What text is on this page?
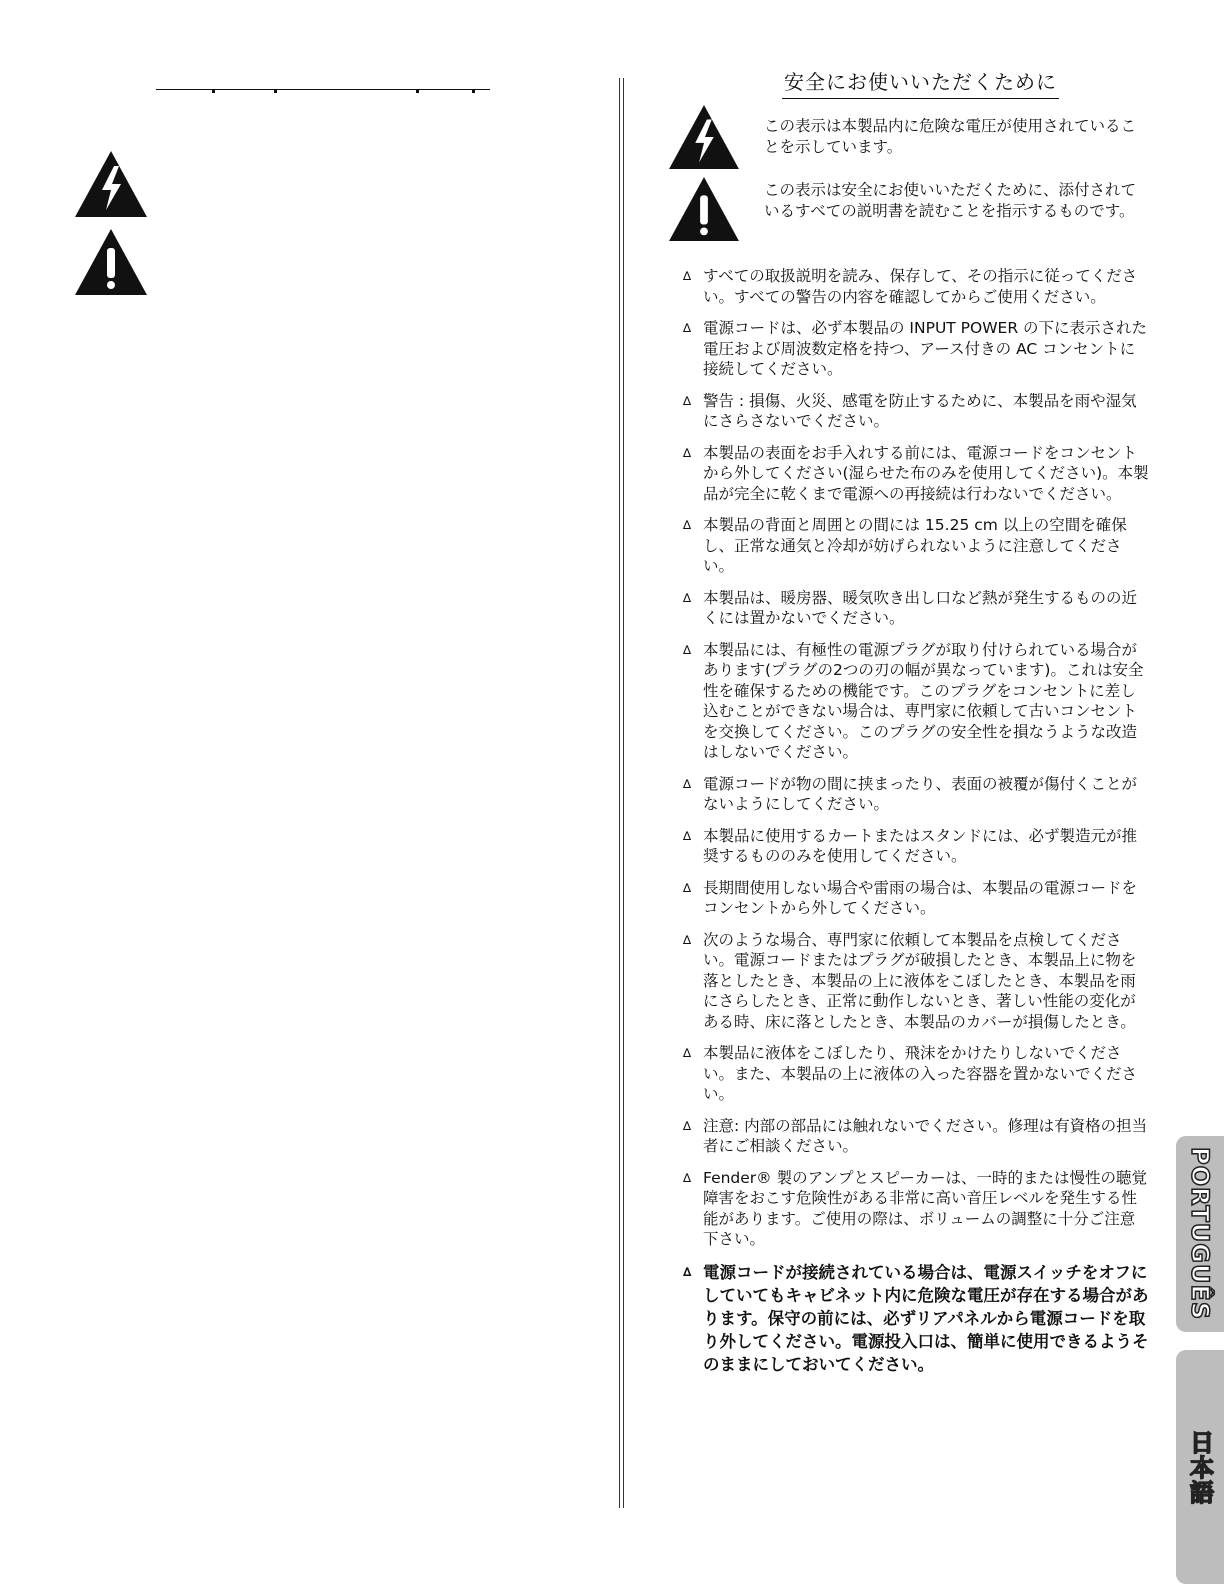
安全にお使いいただくために
この表示は本製品内に危険な電圧が使用されていることを示しています。
この表示は安全にお使いいただくために、添付されているすべての説明書を読むことを指示するものです。
∆ すべての取扱説明を読み、保存して、その指示に従ってください。すべての警告の内容を確認してからご使用ください。
∆ 電源コードは、必ず本製品の INPUT POWER の下に表示された電圧および周波数定格を持つ、アース付きの AC コンセントに接続してください。
∆ 警告 : 損傷、火災、感電を防止するために、本製品を雨や湿気にさらさないでください。
∆ 本製品の表面をお手入れする前には、電源コードをコンセントから外してください(湿らせた布のみを使用してください)。本製品が完全に乾くまで電源への再接続は行わないでください。
∆ 本製品の背面と周囲との間には 15.25 cm 以上の空間を確保し、正常な通気と冷却が妨げられないように注意してください。
∆ 本製品は、暖房器、暖気吹き出し口など熱が発生するものの近くには置かないでください。
∆ 本製品には、有極性の電源プラグが取り付けられている場合があります(プラグの2つの刃の幅が異なっています)。これは安全性を確保するための機能です。このプラグをコンセントに差し込むことができない場合は、専門家に依頼して古いコンセントを交換してください。このプラグの安全性を損なうような改造はしないでください。
∆ 電源コードが物の間に挟まったり、表面の被覆が傷付くことがないようにしてください。
∆ 本製品に使用するカートまたはスタンドには、必ず製造元が推奨するもののみを使用してください。
∆ 長期間使用しない場合や雷雨の場合は、本製品の電源コードをコンセントから外してください。
∆ 次のような場合、専門家に依頼して本製品を点検してください。電源コードまたはプラグが破損したとき、本製品上に物を落としたとき、本製品の上に液体をこぼしたとき、本製品を雨にさらしたとき、正常に動作しないとき、著しい性能の変化がある時、床に落としたとき、本製品のカバーが損傷したとき。
∆ 本製品に液体をこぼしたり、飛沫をかけたりしないでください。また、本製品の上に液体の入った容器を置かないでください。
∆ 注意: 内部の部品には触れないでください。修理は有資格の担当者にご相談ください。
∆ Fender® 製のアンプとスピーカーは、一時的または慢性の聴覚障害をおこす危険性がある非常に高い音圧レベルを発生する性能があります。ご使用の際は、ボリュームの調整に十分ご注意下さい。
∆ 電源コードが接続されている場合は、電源スイッチをオフにしていてもキャビネット内に危険な電圧が存在する場合があります。保守の前には、必ずリアパネルから電源コードを取り外してください。電源投入口は、簡単に使用できるようそのままにしておいてください。
PORTUGUÊS
日本語
